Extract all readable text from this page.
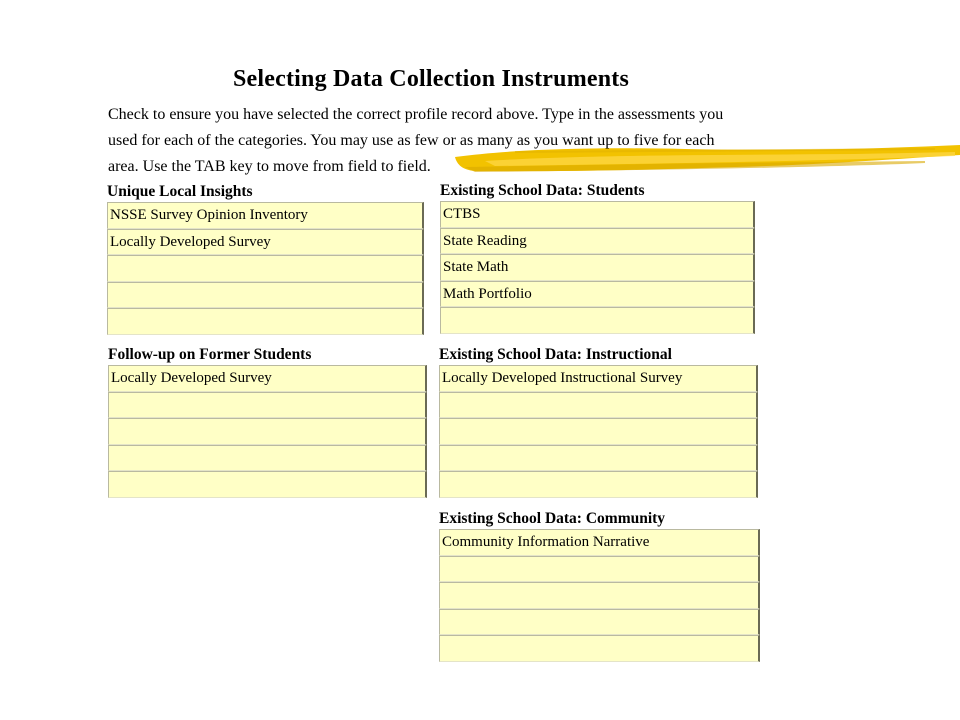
Selecting Data Collection Instruments
Check to ensure you have selected the correct profile record above. Type in the assessments you
used for each of the categories. You may use as few or as many as you want up to five for each
area. Use the TAB key to move from field to field.
Unique Local Insights
NSSE Survey Opinion Inventory
Locally Developed Survey
Existing School Data: Students
CTBS
State Reading
State Math
Math Portfolio
Follow-up on Former Students
Locally Developed Survey
Existing School Data: Instructional
Locally Developed Instructional Survey
Existing School Data: Community
Community Information Narrative
